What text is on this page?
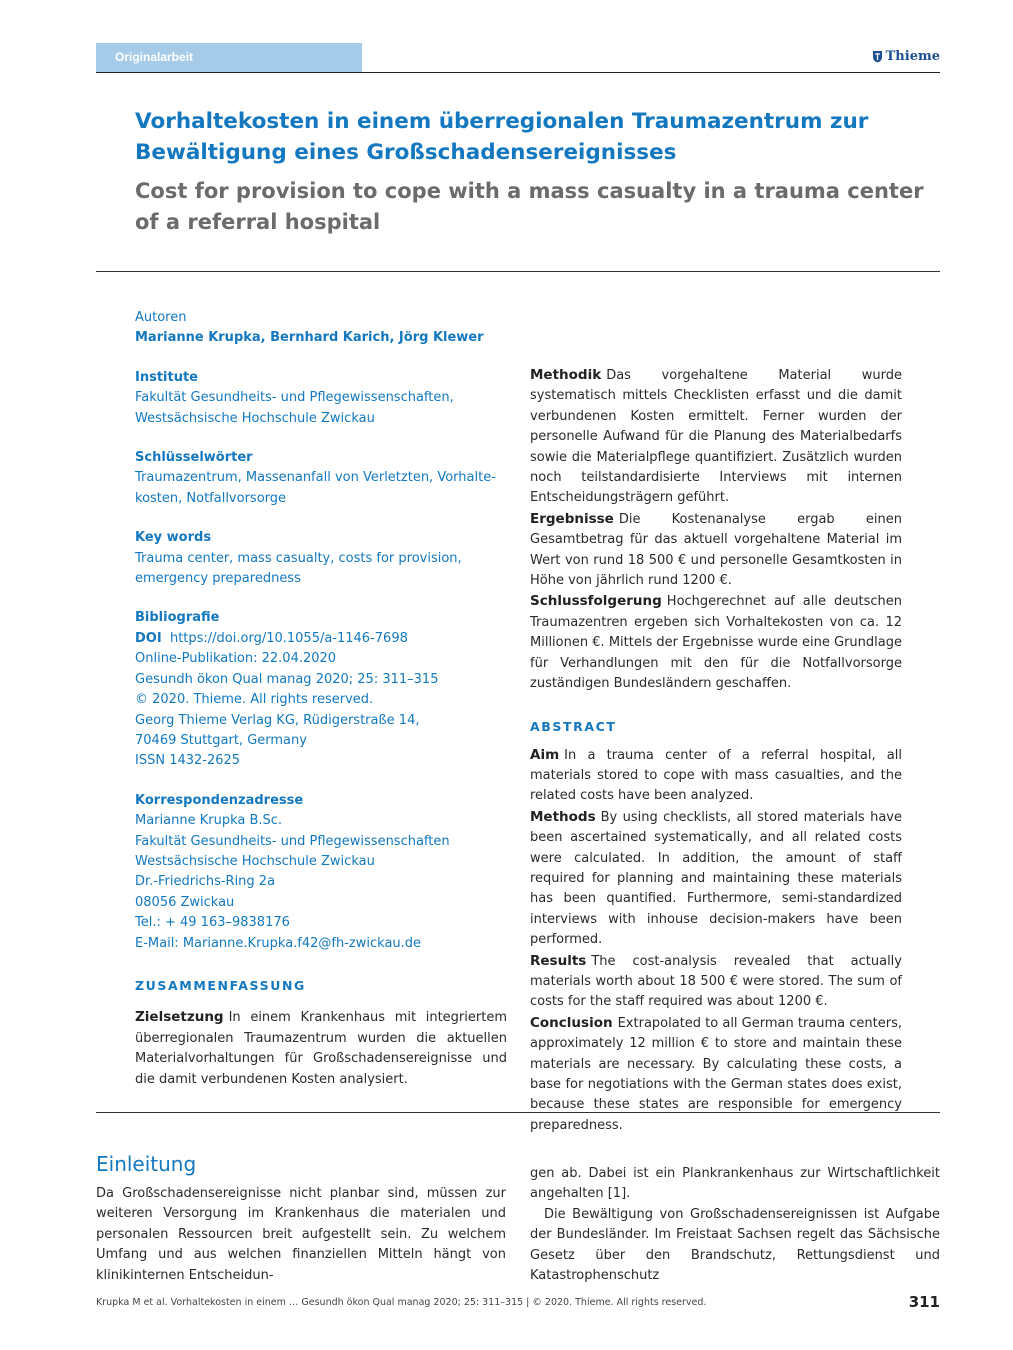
Originalarbeit	Thieme
Vorhaltekosten in einem überregionalen Traumazentrum zur
Bewältigung eines Großschadensereignisses
Cost for provision to cope with a mass casualty in a trauma center
of a referral hospital
Autoren
Marianne Krupka, Bernhard Karich, Jörg Klewer
Institute
Fakultät Gesundheits- und Pflegewissenschaften,
Westsächsische Hochschule Zwickau
Schlüsselwörter
Traumazentrum, Massenanfall von Verletzten, Vorhalte-
kosten, Notfallvorsorge
Key words
Trauma center, mass casualty, costs for provision,
emergency preparedness
Bibliografie
DOI https://doi.org/10.1055/a-1146-7698
Online-Publikation: 22.04.2020
Gesundh ökon Qual manag 2020; 25: 311–315
© 2020. Thieme. All rights reserved.
Georg Thieme Verlag KG, Rüdigerstraße 14,
70469 Stuttgart, Germany
ISSN 1432-2625
Korrespondenzadresse
Marianne Krupka B.Sc.
Fakultät Gesundheits- und Pflegewissenschaften
Westsächsische Hochschule Zwickau
Dr.-Friedrichs-Ring 2a
08056 Zwickau
Tel.: + 49 163–9838176
E-Mail: Marianne.Krupka.f42@fh-zwickau.de
ZUSAMMENFASSUNG

Zielsetzung In einem Krankenhaus mit integriertem überregionalen Traumazentrum wurden die aktuellen Materialvorhaltungen für Großschadensereignisse und die damit verbundenen Kosten analysiert.

Methodik Das vorgehaltene Material wurde systematisch mittels Checklisten erfasst und die damit verbundenen Kosten ermittelt. Ferner wurden der personelle Aufwand für die Planung des Materialbedarfs sowie die Materialpflege quantifiziert. Zusätzlich wurden noch teilstandardisierte Interviews mit internen Entscheidungsträgern geführt.

Ergebnisse Die Kostenanalyse ergab einen Gesamtbetrag für das aktuell vorgehaltene Material im Wert von rund 18 500 € und personelle Gesamtkosten in Höhe von jährlich rund 1200 €.

Schlussfolgerung Hochgerechnet auf alle deutschen Traumazentren ergeben sich Vorhaltekosten von ca. 12 Millionen €. Mittels der Ergebnisse wurde eine Grundlage für Verhandlungen mit den für die Notfallvorsorge zuständigen Bundesländern geschaffen.

ABSTRACT

Aim In a trauma center of a referral hospital, all materials stored to cope with mass casualties, and the related costs have been analyzed.

Methods By using checklists, all stored materials have been ascertained systematically, and all related costs were calculated. In addition, the amount of staff required for planning and maintaining these materials has been quantified. Furthermore, semi-standardized interviews with inhouse decision-makers have been performed.

Results The cost-analysis revealed that actually materials worth about 18 500 € were stored. The sum of costs for the staff required was about 1200 €.

Conclusion Extrapolated to all German trauma centers, approximately 12 million € to store and maintain these materials are necessary. By calculating these costs, a base for negotiations with the German states does exist, because these states are responsible for emergency preparedness.

Einleitung

Da Großschadensereignisse nicht planbar sind, müssen zur weiteren Versorgung im Krankenhaus die materialen und personalen Ressourcen breit aufgestellt sein. Zu welchem Umfang und aus welchen finanziellen Mitteln hängt von klinikinternen Entscheidun-

gen ab. Dabei ist ein Plankrankenhaus zur Wirtschaftlichkeit angehalten [1].

Die Bewältigung von Großschadensereignissen ist Aufgabe der Bundesländer. Im Freistaat Sachsen regelt das Sächsische Gesetz über den Brandschutz, Rettungsdienst und Katastrophenschutz

Krupka M et al. Vorhaltekosten in einem … Gesundh ökon Qual manag 2020; 25: 311–315 | © 2020. Thieme. All rights reserved.	311
